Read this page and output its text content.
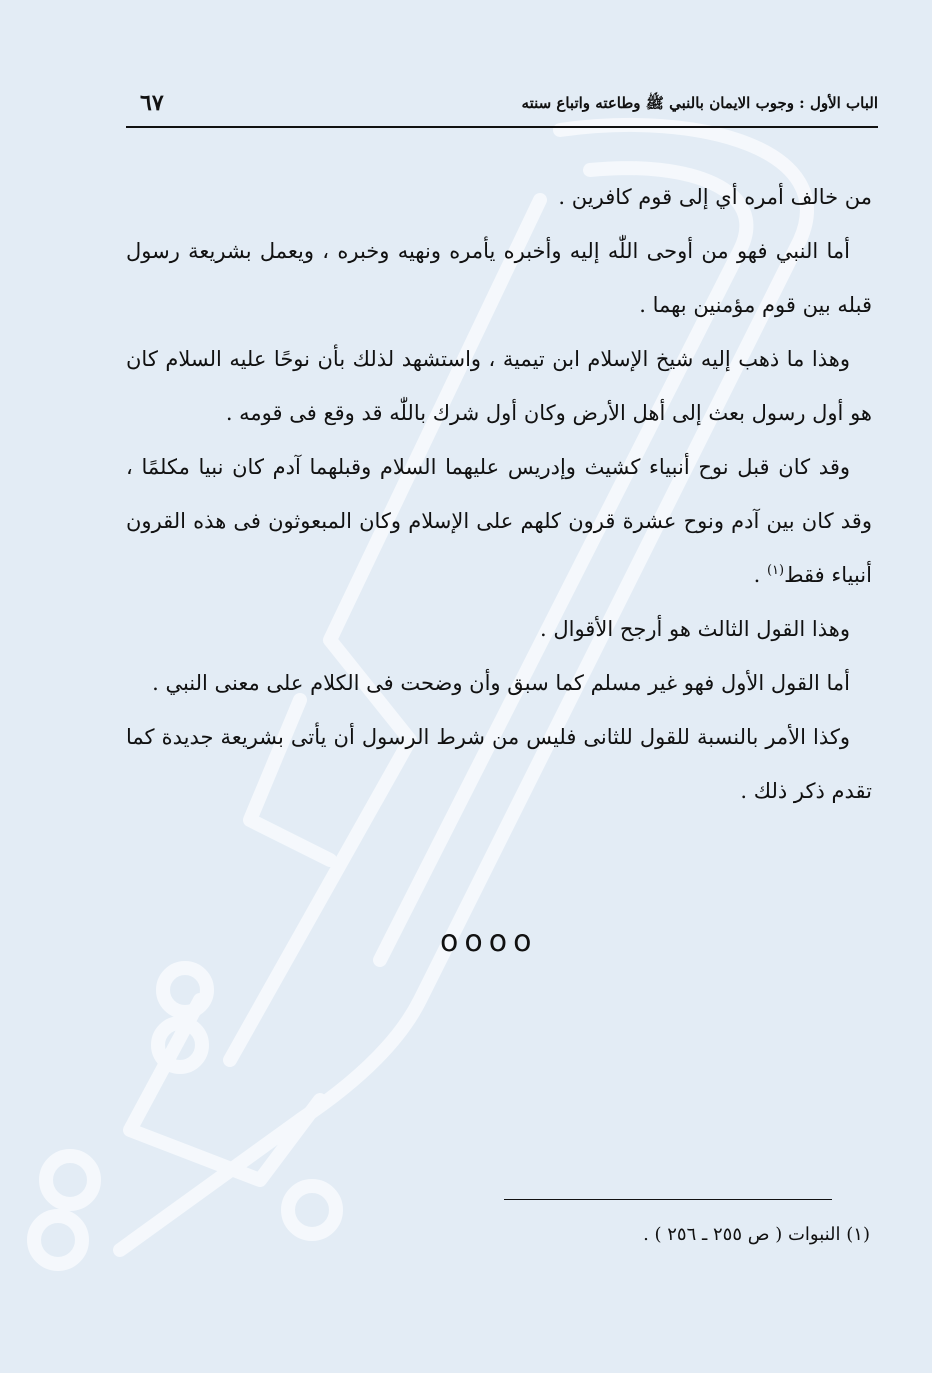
الباب الأول : وجوب الايمان بالنبي ﷺ وطاعته واتباع سنته
٦٧

من خالف أمره أي إلى قوم كافرين .

أما النبي فهو من أوحى اللّٰه إليه وأخبره يأمره ونهيه وخبره ، ويعمل بشريعة رسول قبله بين قوم مؤمنين بهما .

وهذا ما ذهب إليه شيخ الإسلام ابن تيمية ، واستشهد لذلك بأن نوحًا عليه السلام كان هو أول رسول بعث إلى أهل الأرض وكان أول شرك باللّٰه قد وقع فى قومه .

وقد كان قبل نوح أنبياء كشيث وإدريس عليهما السلام وقبلهما آدم كان نبيا مكلمًا ، وقد كان بين آدم ونوح عشرة قرون كلهم على الإسلام وكان المبعوثون فى هذه القرون أنبياء فقط$^{(١)}$ .

وهذا القول الثالث هو أرجح الأقوال .

أما القول الأول فهو غير مسلم كما سبق وأن وضحت فى الكلام على معنى النبي .

وكذا الأمر بالنسبة للقول للثانى فليس من شرط الرسول أن يأتى بشريعة جديدة كما تقدم ذكر ذلك .

oooo
(١) النبوات ( ص ٢٥٥ ـ ٢٥٦ ) .
